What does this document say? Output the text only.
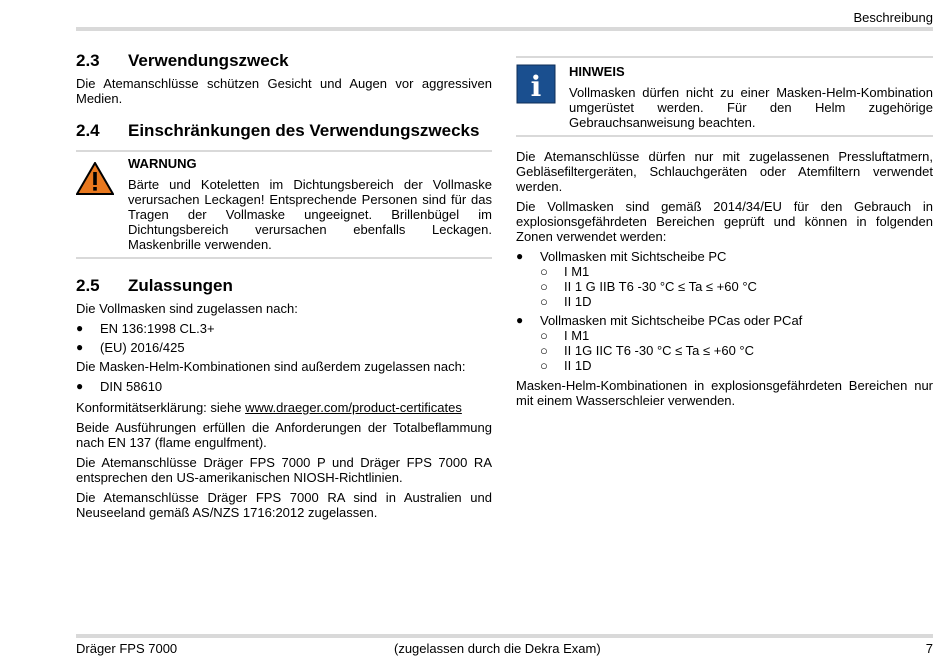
Beschreibung
2.3	Verwendungszweck

Die Atemanschlüsse schützen Gesicht und Augen vor aggressiven Medien.

2.4	Einschränkungen des Verwendungszwecks
WARNUNG

Bärte und Koteletten im Dichtungsbereich der Vollmaske verursachen Leckagen! Entsprechende Personen sind für das Tragen der Vollmaske ungeeignet. Brillenbügel im Dichtungsbereich verursachen ebenfalls Leckagen. Maskenbrille verwenden.

2.5	Zulassungen

Die Vollmasken sind zugelassen nach:

●	EN 136:1998 CL.3+
●	(EU) 2016/425

Die Masken-Helm-Kombinationen sind außerdem zugelassen nach:

●	DIN 58610

Konformitätserklärung: siehe www.draeger.com/product-certificates

Beide Ausführungen erfüllen die Anforderungen der Totalbeflammung nach EN 137 (flame engulfment).

Die Atemanschlüsse Dräger FPS 7000 P und Dräger FPS 7000 RA entsprechen den US-amerikanischen NIOSH-Richtlinien.

Die Atemanschlüsse Dräger FPS 7000 RA sind in Australien und Neuseeland gemäß AS/NZS 1716:2012 zugelassen.

i HINWEIS

Vollmasken dürfen nicht zu einer Masken-Helm-Kombination umgerüstet werden. Für den Helm zugehörige Gebrauchsanweisung beachten.

Die Atemanschlüsse dürfen nur mit zugelassenen Pressluftatmern, Gebläsefiltergeräten, Schlauchgeräten oder Atemfiltern verwendet werden.

Die Vollmasken sind gemäß 2014/34/EU für den Gebrauch in explosionsgefährdeten Bereichen geprüft und können in folgenden Zonen verwendet werden:

●	Vollmasken mit Sichtscheibe PC
○	I M1
○	II 1 G IIB T6 -30 °C ≤ Ta ≤ +60 °C
○	II 1D
●	Vollmasken mit Sichtscheibe PCas oder PCaf
○	I M1
○	II 1G IIC T6 -30 °C ≤ Ta ≤ +60 °C
○	II 1D

Masken-Helm-Kombinationen in explosionsgefährdeten Bereichen nur mit einem Wasserschleier verwenden.

Dräger FPS 7000	(zugelassen durch die Dekra Exam)	7
